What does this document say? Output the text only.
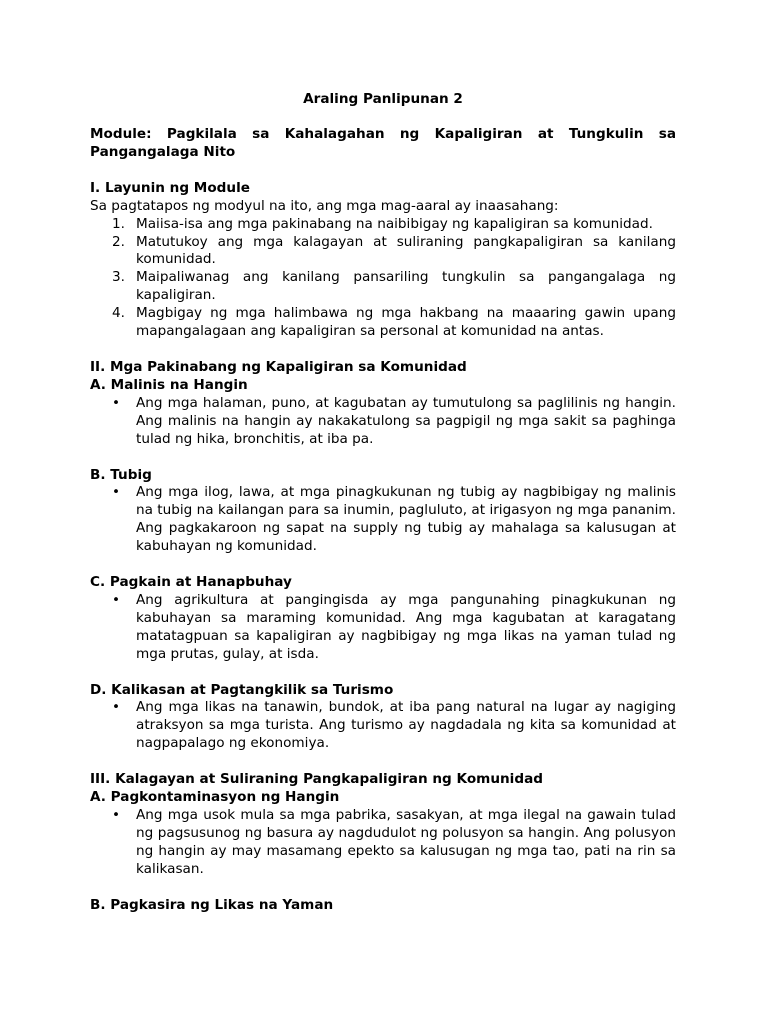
Araling Panlipunan 2

Module: Pagkilala sa Kahalagahan ng Kapaligiran at Tungkulin sa Pangangalaga Nito

I. Layunin ng Module

Sa pagtatapos ng modyul na ito, ang mga mag-aaral ay inaasahang:

1. Maiisa-isa ang mga pakinabang na naibibigay ng kapaligiran sa komunidad.
2. Matutukoy ang mga kalagayan at suliraning pangkapaligiran sa kanilang komunidad.
3. Maipaliwanag ang kanilang pansariling tungkulin sa pangangalaga ng kapaligiran.
4. Magbigay ng mga halimbawa ng mga hakbang na maaaring gawin upang mapangalagaan ang kapaligiran sa personal at komunidad na antas.

II. Mga Pakinabang ng Kapaligiran sa Komunidad

A. Malinis na Hangin

• Ang mga halaman, puno, at kagubatan ay tumutulong sa paglilinis ng hangin. Ang malinis na hangin ay nakakatulong sa pagpigil ng mga sakit sa paghinga tulad ng hika, bronchitis, at iba pa.

B. Tubig

• Ang mga ilog, lawa, at mga pinagkukunan ng tubig ay nagbibigay ng malinis na tubig na kailangan para sa inumin, pagluluto, at irigasyon ng mga pananim. Ang pagkakaroon ng sapat na supply ng tubig ay mahalaga sa kalusugan at kabuhayan ng komunidad.

C. Pagkain at Hanapbuhay

• Ang agrikultura at pangingisda ay mga pangunahing pinagkukunan ng kabuhayan sa maraming komunidad. Ang mga kagubatan at karagatang matatagpuan sa kapaligiran ay nagbibigay ng mga likas na yaman tulad ng mga prutas, gulay, at isda.

D. Kalikasan at Pagtangkilik sa Turismo

• Ang mga likas na tanawin, bundok, at iba pang natural na lugar ay nagiging atraksyon sa mga turista. Ang turismo ay nagdadala ng kita sa komunidad at nagpapalago ng ekonomiya.

III. Kalagayan at Suliraning Pangkapaligiran ng Komunidad

A. Pagkontaminasyon ng Hangin

• Ang mga usok mula sa mga pabrika, sasakyan, at mga ilegal na gawain tulad ng pagsusunog ng basura ay nagdudulot ng polusyon sa hangin. Ang polusyon ng hangin ay may masamang epekto sa kalusugan ng mga tao, pati na rin sa kalikasan.

B. Pagkasira ng Likas na Yaman
